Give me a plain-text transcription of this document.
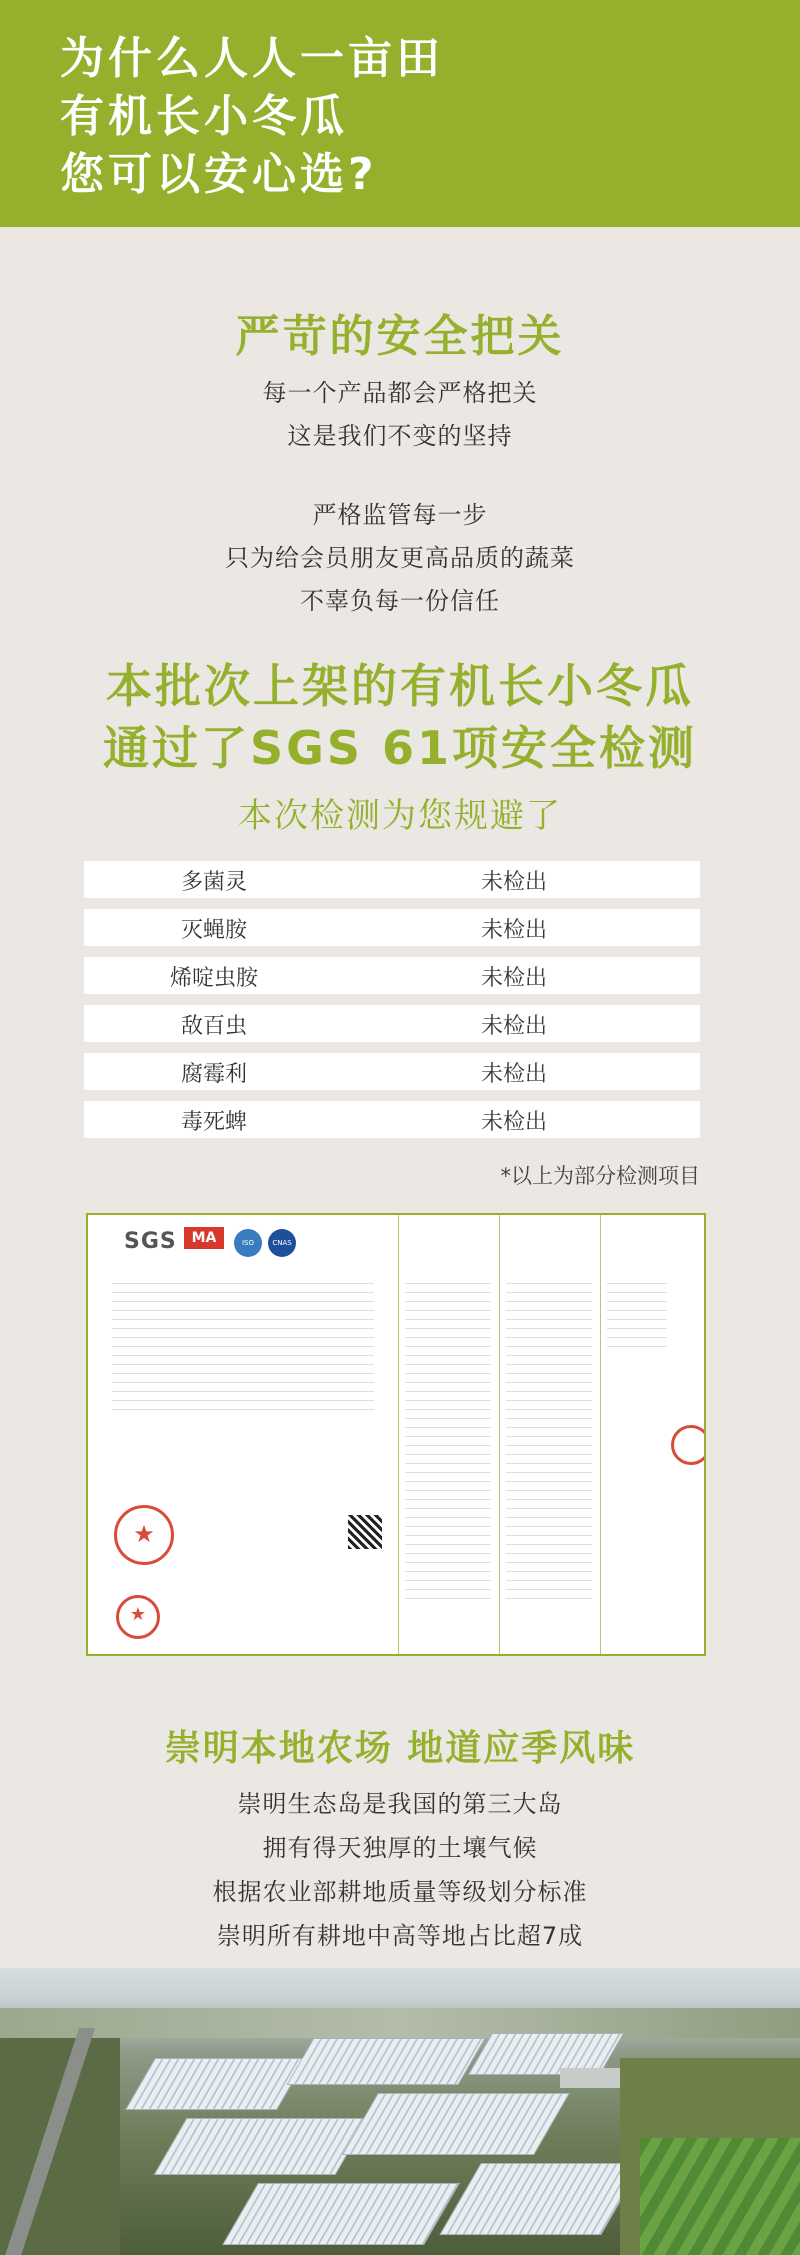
为什么人人一亩田
有机长小冬瓜
您可以安心选?
严苛的安全把关
每一个产品都会严格把关
这是我们不变的坚持
严格监管每一步
只为给会员朋友更高品质的蔬菜
不辜负每一份信任
本批次上架的有机长小冬瓜
通过了SGS 61项安全检测
本次检测为您规避了
多菌灵	未检出
灭蝇胺	未检出
烯啶虫胺	未检出
敌百虫	未检出
腐霉利	未检出
毒死蜱	未检出
*以上为部分检测项目
SGS	MA	ISO	CNAS
★
★
崇明本地农场 地道应季风味
崇明生态岛是我国的第三大岛
拥有得天独厚的土壤气候
根据农业部耕地质量等级划分标准
崇明所有耕地中高等地占比超7成
